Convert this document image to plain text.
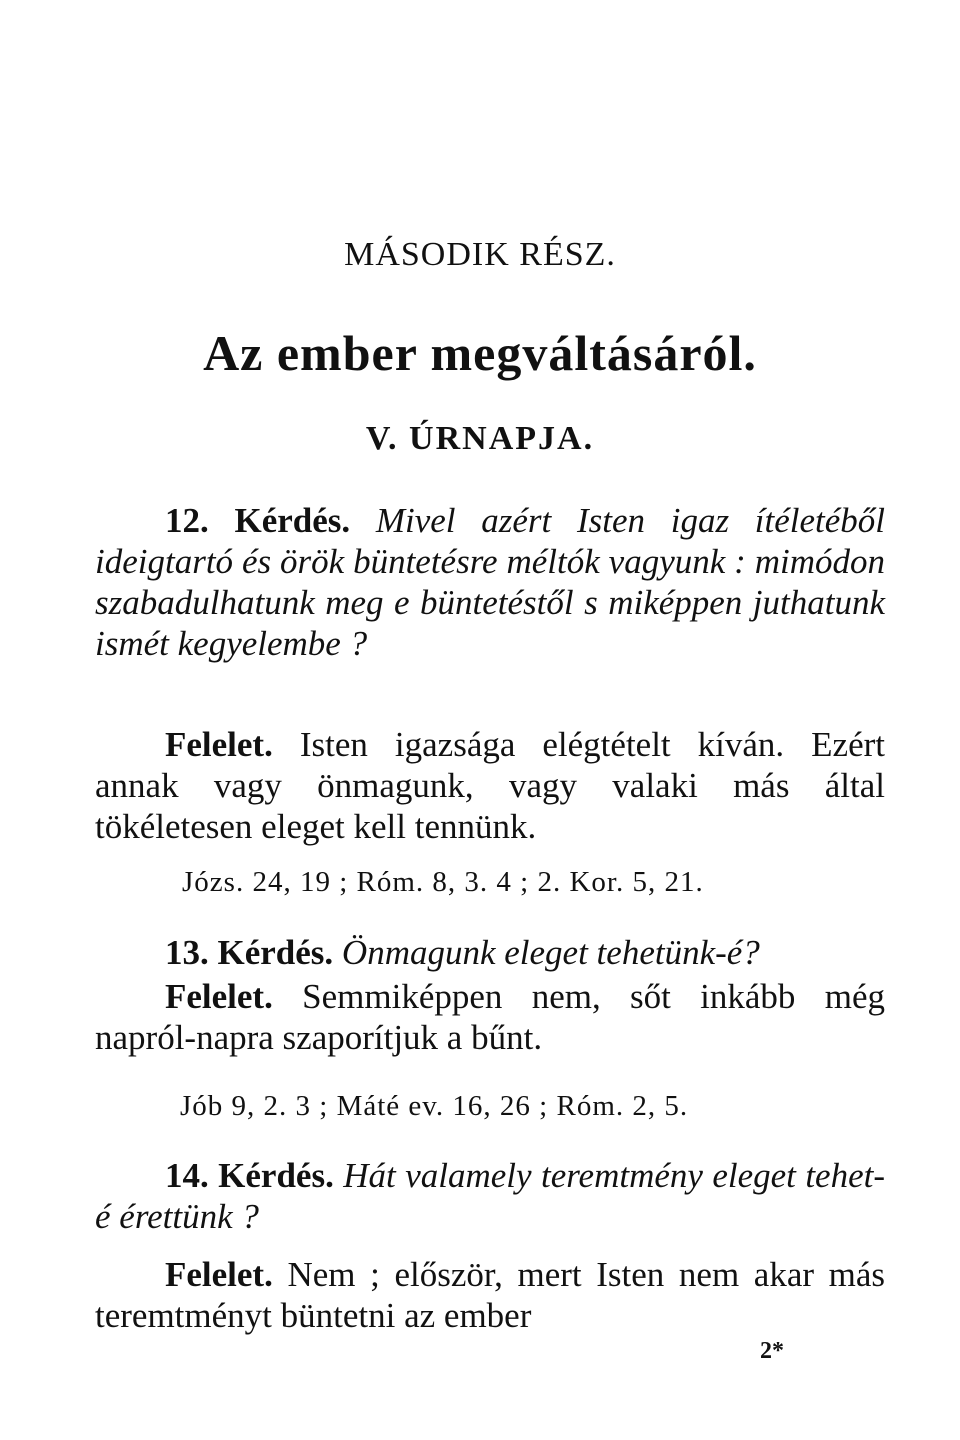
MÁSODIK RÉSZ.
Az ember megváltásáról.
V. ÚRNAPJA.
12. Kérdés. Mivel azért Isten igaz ítéletéből ideigtartó és örök büntetésre méltók vagyunk : mimódon szabadulhatunk meg e büntetéstől s miképpen juthatunk ismét kegyelembe ?
Felelet. Isten igazsága elégtételt kíván. Ezért annak vagy önmagunk, vagy valaki más által tökéletesen eleget kell tennünk.
Józs. 24, 19 ; Róm. 8, 3. 4 ; 2. Kor. 5, 21.
13. Kérdés. Önmagunk eleget tehetünk-é?
Felelet. Semmiképpen nem, sőt inkább még napról-napra szaporítjuk a bűnt.
Jób 9, 2. 3 ; Máté ev. 16, 26 ; Róm. 2, 5.
14. Kérdés. Hát valamely teremtmény eleget tehet-é érettünk ?
Felelet. Nem ; először, mert Isten nem akar más teremtményt büntetni az ember
2*
